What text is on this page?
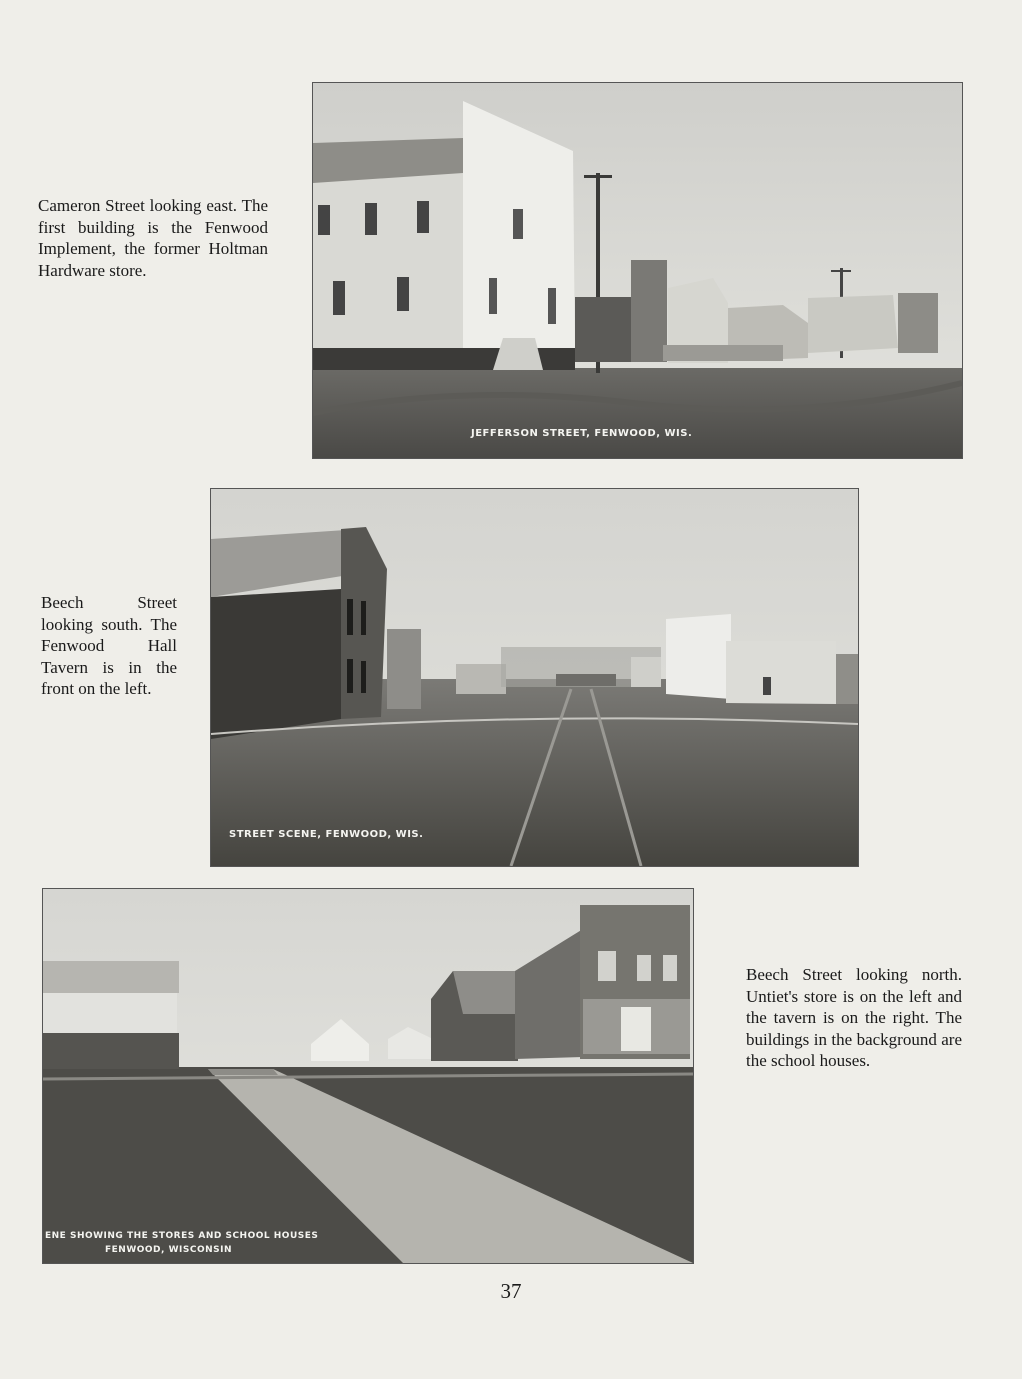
JEFFERSON STREET, FENWOOD, WIS.
Cameron Street looking east. The first building is the Fenwood Implement, the former Holtman Hardware store.
STREET SCENE, FENWOOD, WIS.
Beech Street looking south. The Fenwood Hall Tavern is in the front on the left.
ENE SHOWING THE STORES AND SCHOOL HOUSES
FENWOOD, WISCONSIN
Beech Street looking north. Untiet's store is on the left and the tavern is on the right. The buildings in the background are the school houses.
37
